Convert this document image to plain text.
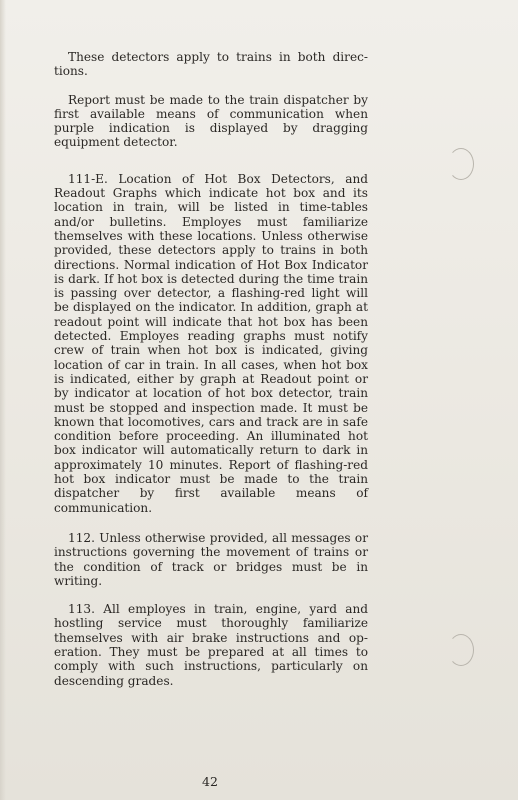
These detectors apply to trains in both directions.

Report must be made to the train dispatcher by first available means of communication when purple indication is displayed by dragging equipment detector.

111-E. Location of Hot Box Detectors, and Readout Graphs which indicate hot box and its location in train, will be listed in time-tables and/or bulletins. Employes must familiarize themselves with these locations. Unless otherwise provided, these detectors apply to trains in both directions. Normal indication of Hot Box Indicator is dark. If hot box is detected during the time train is passing over detector, a flashing-red light will be displayed on the indicator. In addition, graph at readout point will indicate that hot box has been detected. Employes reading graphs must notify crew of train when hot box is indicated, giving location of car in train. In all cases, when hot box is indicated, either by graph at Readout point or by indicator at location of hot box detector, train must be stopped and inspection made. It must be known that locomotives, cars and track are in safe condition before proceeding. An illuminated hot box indicator will automatically return to dark in approximately 10 minutes. Report of flashing-red hot box indicator must be made to the train dispatcher by first available means of communication.

112. Unless otherwise provided, all messages or instructions governing the movement of trains or the condition of track or bridges must be in writing.

113. All employes in train, engine, yard and hostling service must thoroughly familiarize themselves with air brake instructions and operation. They must be prepared at all times to comply with such instructions, particularly on descending grades.

42
